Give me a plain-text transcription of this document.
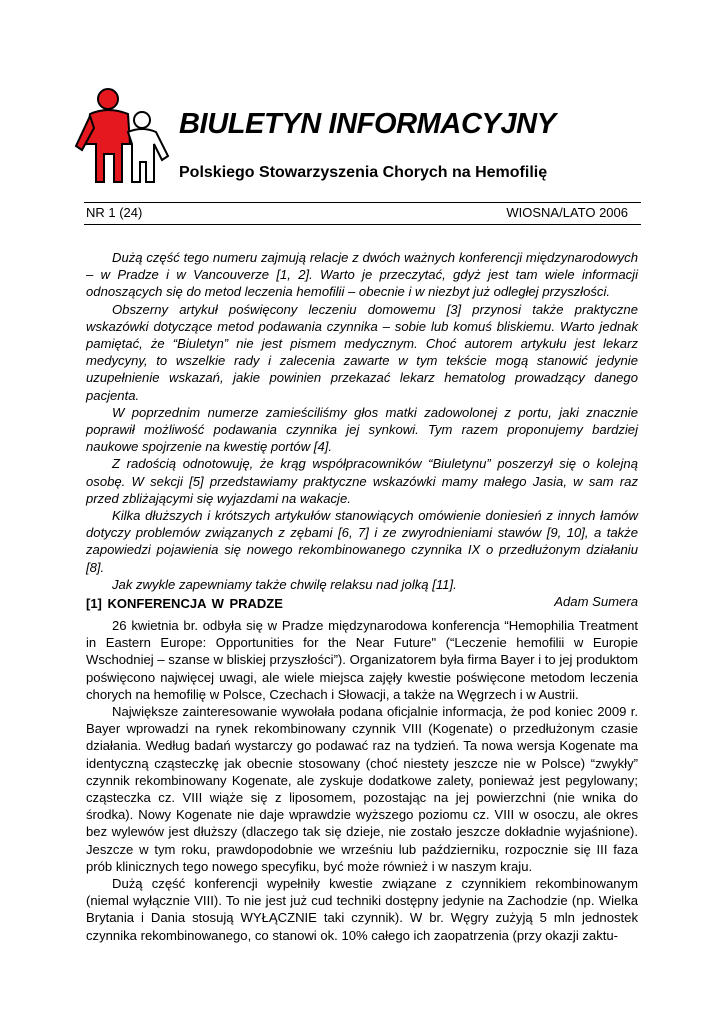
BIULETYN INFORMACYJNY
Polskiego Stowarzyszenia Chorych na Hemofilię
NR 1 (24)	WIOSNA/LATO 2006

Dużą część tego numeru zajmują relacje z dwóch ważnych konferencji międzynarodowych – w Pradze i w Vancouverze [1, 2]. Warto je przeczytać, gdyż jest tam wiele informacji odnoszących się do metod leczenia hemofilii – obecnie i w niezbyt już odległej przyszłości.

Obszerny artykuł poświęcony leczeniu domowemu [3] przynosi także praktyczne wskazówki dotyczące metod podawania czynnika – sobie lub komuś bliskiemu. Warto jednak pamiętać, że “Biuletyn” nie jest pismem medycznym. Choć autorem artykułu jest lekarz medycyny, to wszelkie rady i zalecenia zawarte w tym tekście mogą stanowić jedynie uzupełnienie wskazań, jakie powinien przekazać lekarz hematolog prowadzący danego pacjenta.

W poprzednim numerze zamieściliśmy głos matki zadowolonej z portu, jaki znacznie poprawił możliwość podawania czynnika jej synkowi. Tym razem proponujemy bardziej naukowe spojrzenie na kwestię portów [4].

Z radością odnotowuję, że krąg współpracowników “Biuletynu” poszerzył się o kolejną osobę. W sekcji [5] przedstawiamy praktyczne wskazówki mamy małego Jasia, w sam raz przed zbliżającymi się wyjazdami na wakacje.

Kilka dłuższych i krótszych artykułów stanowiących omówienie doniesień z innych łamów dotyczy problemów związanych z zębami [6, 7] i ze zwyrodnieniami stawów [9, 10], a także zapowiedzi pojawienia się nowego rekombinowanego czynnika IX o przedłużonym działaniu [8].

Jak zwykle zapewniamy także chwilę relaksu nad jolką [11].

Adam Sumera
[1] KONFERENCJA W PRADZE

26 kwietnia br. odbyła się w Pradze międzynarodowa konferencja “Hemophilia Treatment in Eastern Europe: Opportunities for the Near Future" (“Leczenie hemofilii w Europie Wschodniej – szanse w bliskiej przyszłości”). Organizatorem była firma Bayer i to jej produktom poświęcono najwięcej uwagi, ale wiele miejsca zajęły kwestie poświęcone metodom leczenia chorych na hemofilię w Polsce, Czechach i Słowacji, a także na Węgrzech i w Austrii.

Największe zainteresowanie wywołała podana oficjalnie informacja, że pod koniec 2009 r. Bayer wprowadzi na rynek rekombinowany czynnik VIII (Kogenate) o przedłużonym czasie działania. Według badań wystarczy go podawać raz na tydzień. Ta nowa wersja Kogenate ma identyczną cząsteczkę jak obecnie stosowany (choć niestety jeszcze nie w Polsce) “zwykły” czynnik rekombinowany Kogenate, ale zyskuje dodatkowe zalety, ponieważ jest pegylowany; cząsteczka cz. VIII wiąże się z liposomem, pozostając na jej powierzchni (nie wnika do środka). Nowy Kogenate nie daje wprawdzie wyższego poziomu cz. VIII w osoczu, ale okres bez wylewów jest dłuższy (dlaczego tak się dzieje, nie zostało jeszcze dokładnie wyjaśnione). Jeszcze w tym roku, prawdopodobnie we wrześniu lub październiku, rozpocznie się III faza prób klinicznych tego nowego specyfiku, być może również i w naszym kraju.

Dużą część konferencji wypełniły kwestie związane z czynnikiem rekombinowanym (niemal wyłącznie VIII). To nie jest już cud techniki dostępny jedynie na Zachodzie (np. Wielka Brytania i Dania stosują WYŁĄCZNIE taki czynnik). W br. Węgry zużyją 5 mln jednostek czynnika rekombinowanego, co stanowi ok. 10% całego ich zaopatrzenia (przy okazji zaktu-
